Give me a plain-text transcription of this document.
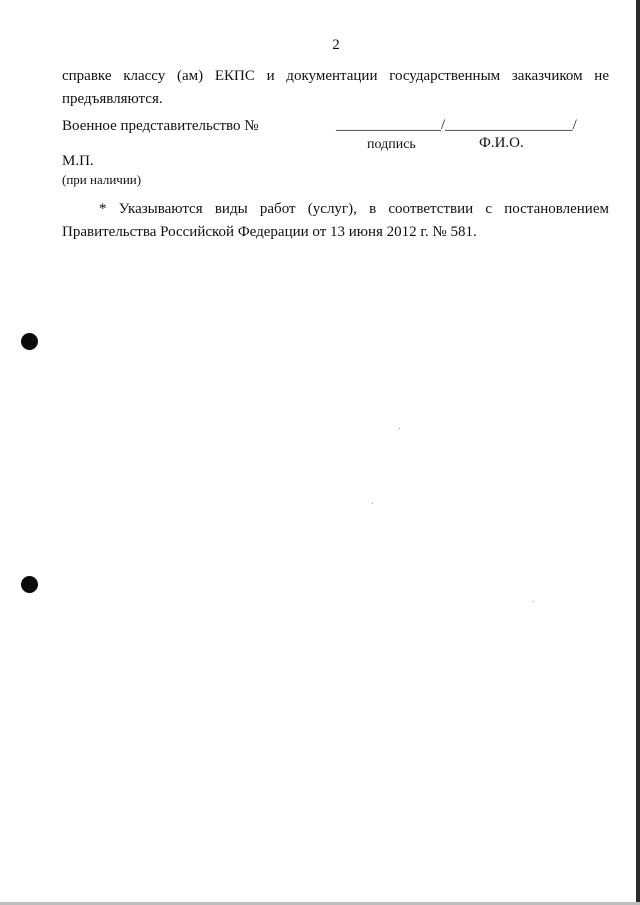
2
справке классу (ам) ЕКПС и документации государственным заказчиком не
предъявляются.
Военное представительство №	______________/_________________/
подпись	Ф.И.О.
М.П.
(при наличии)
* Указываются виды работ (услуг), в соответствии с постановлением
Правительства Российской Федерации от 13 июня 2012 г. № 581.
